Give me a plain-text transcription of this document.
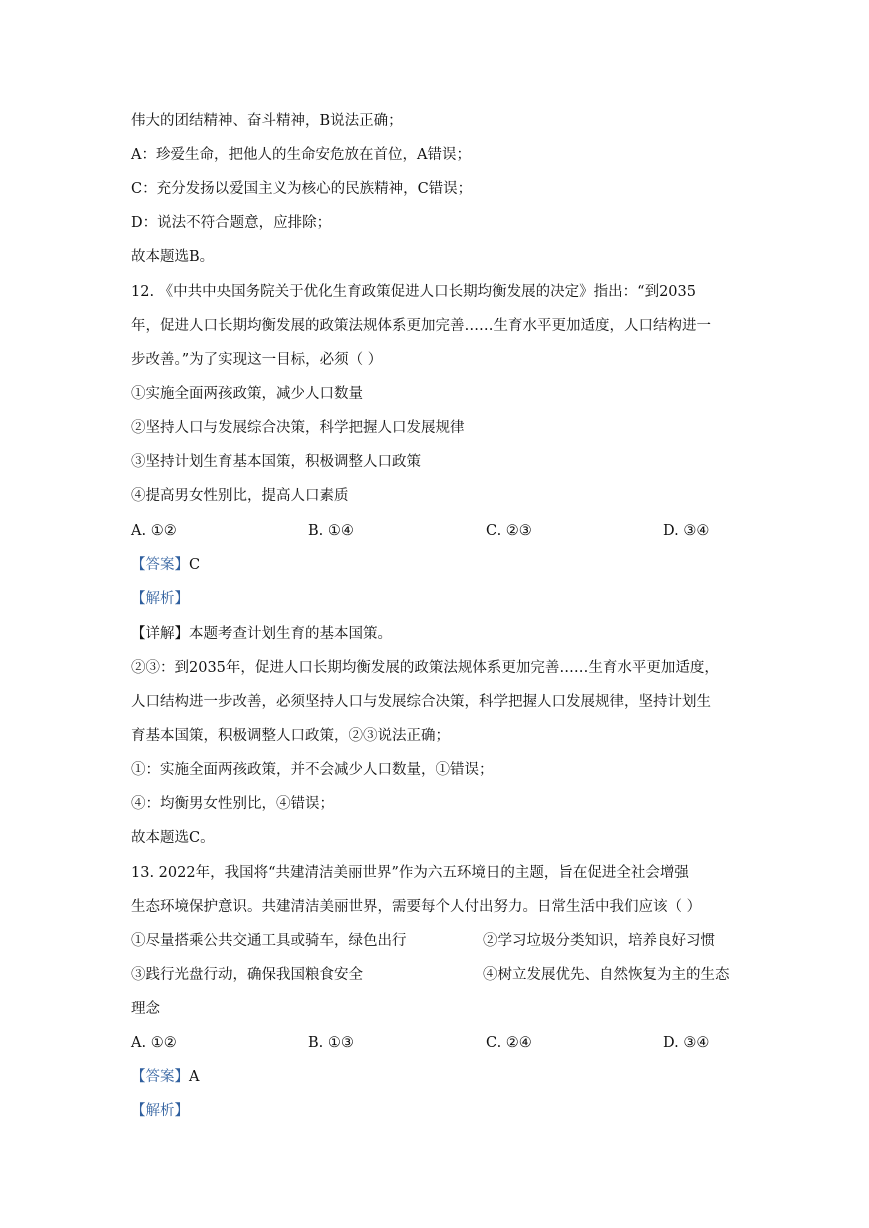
伟大的团结精神、奋斗精神，B说法正确；
A：珍爱生命，把他人的生命安危放在首位，A错误；
C：充分发扬以爱国主义为核心的民族精神，C错误；
D：说法不符合题意，应排除；
故本题选B。
12. 《中共中央国务院关于优化生育政策促进人口长期均衡发展的决定》指出：“到2035
年，促进人口长期均衡发展的政策法规体系更加完善……生育水平更加适度，人口结构进一
步改善。”为了实现这一目标，必须（ ）
①实施全面两孩政策，减少人口数量
②坚持人口与发展综合决策，科学把握人口发展规律
③坚持计划生育基本国策，积极调整人口政策
④提高男女性别比，提高人口素质
A. ①②	B. ①④	C. ②③	D. ③④
【答案】C
【解析】
【详解】本题考查计划生育的基本国策。
②③：到2035年，促进人口长期均衡发展的政策法规体系更加完善……生育水平更加适度，
人口结构进一步改善，必须坚持人口与发展综合决策，科学把握人口发展规律，坚持计划生
育基本国策，积极调整人口政策，②③说法正确；
①：实施全面两孩政策，并不会减少人口数量，①错误；
④：均衡男女性别比，④错误；
故本题选C。
13. 2022年，我国将“共建清洁美丽世界”作为六五环境日的主题，旨在促进全社会增强
生态环境保护意识。共建清洁美丽世界，需要每个人付出努力。日常生活中我们应该（ ）
①尽量搭乘公共交通工具或骑车，绿色出行	②学习垃圾分类知识，培养良好习惯
③践行光盘行动，确保我国粮食安全	④树立发展优先、自然恢复为主的生态
理念
A. ①②	B. ①③	C. ②④	D. ③④
【答案】A
【解析】
